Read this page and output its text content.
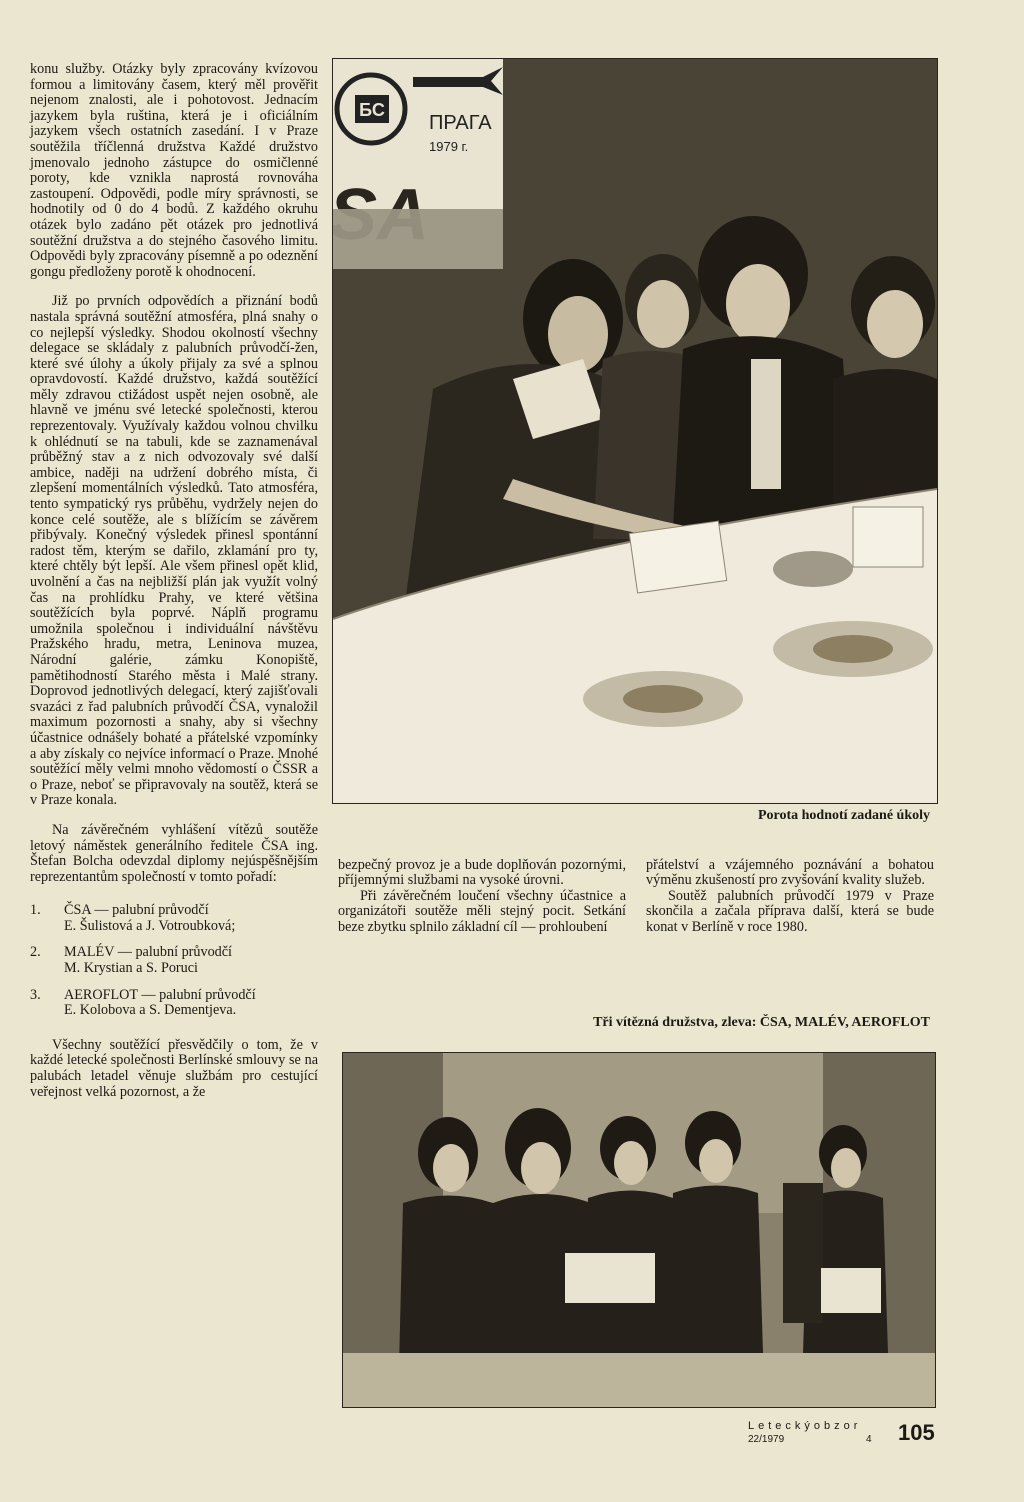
konu služby. Otázky byly zpracovány kvízovou formou a limitovány časem, který měl prověřit nejenom znalosti, ale i pohotovost. Jednacím jazykem byla ruština, která je i oficiálním jazykem všech ostatních zasedání. I v Praze soutěžila tříčlenná družstva Každé družstvo jmenovalo jednoho zástupce do osmičlenné poroty, kde vznikla naprostá rovnováha zastoupení. Odpovědi, podle míry správnosti, se hodnotily od 0 do 4 bodů. Z každého okruhu otázek bylo zadáno pět otázek pro jednotlivá soutěžní družstva a do stejného časového limitu. Odpovědi byly zpracovány písemně a po odeznění gongu předloženy porotě k ohodnocení.

Již po prvních odpovědích a přiznání bodů nastala správná soutěžní atmosféra, plná snahy o co nejlepší výsledky. Shodou okolností všechny delegace se skládaly z palubních průvodčí-žen, které své úlohy a úkoly přijaly za své a splnou opravdovostí. Každé družstvo, každá soutěžící měly zdravou ctižádost uspět nejen osobně, ale hlavně ve jménu své letecké společnosti, kterou reprezentovaly. Využívaly každou volnou chvilku k ohlédnutí se na tabuli, kde se zaznamenával průběžný stav a z nich odvozovaly své další ambice, naději na udržení dobrého místa, či zlepšení momentálních výsledků. Tato atmosféra, tento sympatický rys průběhu, vydržely nejen do konce celé soutěže, ale s blížícím se závěrem přibývaly. Konečný výsledek přinesl spontánní radost těm, kterým se dařilo, zklamání pro ty, které chtěly být lepší. Ale všem přinesl opět klid, uvolnění a čas na nejbližší plán jak využít volný čas na prohlídku Prahy, ve které většina soutěžících byla poprvé. Náplň programu umožnila společnou i individuální návštěvu Pražského hradu, metra, Leninova muzea, Národní galérie, zámku Konopiště, pamětihodností Starého města i Malé strany. Doprovod jednotlivých delegací, který zajišťovali svazáci z řad palubních průvodčí ČSA, vynaložil maximum pozornosti a snahy, aby si všechny účastnice odnášely bohaté a přátelské vzpomínky a aby získaly co nejvíce informací o Praze. Mnohé soutěžící měly velmi mnoho vědomostí o ČSSR a o Praze, neboť se připravovaly na soutěž, která se v Praze konala.

Na závěrečném vyhlášení vítězů soutěže letový náměstek generálního ředitele ČSA ing. Štefan Bolcha odevzdal diplomy nejúspěšnějším reprezentantům společností v tomto pořadí:

1.	ČSA — palubní průvodčí
E. Šulistová a J. Votroubková;
2.	MALÉV — palubní průvodčí
M. Krystian a S. Poruci
3.	AEROFLOT — palubní průvodčí
E. Kolobova a S. Dementjeva.

Všechny soutěžící přesvědčily o tom, že v každé letecké společnosti Berlínské smlouvy se na palubách letadel věnuje službám pro cestující veřejnost velká pozornost, a že

БС
ПРАГА
1979 г.
Porota hodnotí zadané úkoly

bezpečný provoz je a bude doplňován pozornými, příjemnými službami na vysoké úrovni.

Při závěrečném loučení všechny účastnice a organizátoři soutěže měli stejný pocit. Setkání beze zbytku splnilo základní cíl — prohloubení

přátelství a vzájemného poznávání a bohatou výměnu zkušeností pro zvyšování kvality služeb.

Soutěž palubních průvodčí 1979 v Praze skončila a začala příprava další, která se bude konat v Berlíně v roce 1980.

Tři vítězná družstva, zleva: ČSA, MALÉV, AEROFLOT
Leteckýobzor
22/1979	4 105
